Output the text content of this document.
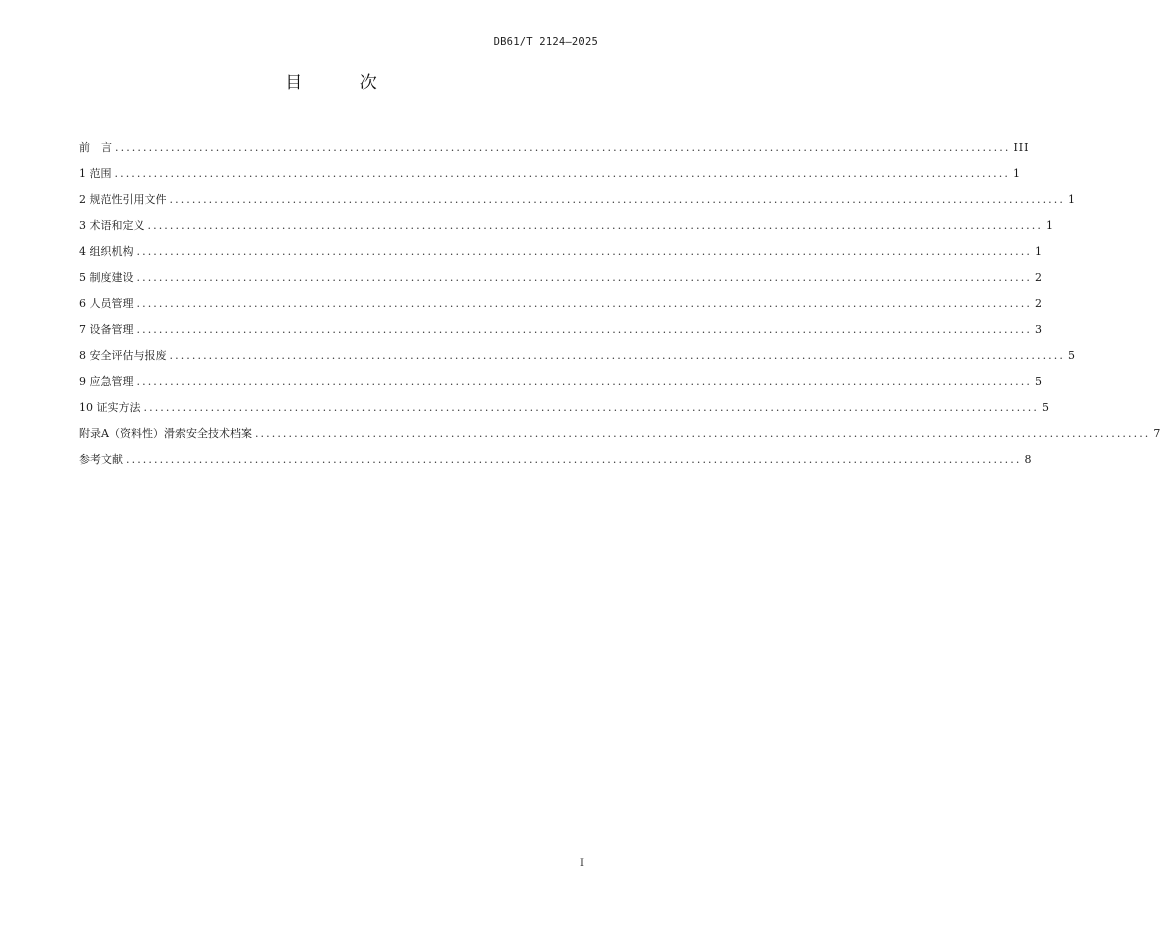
DB61/T 2124—2025
目 次
前　言 ................................................................................................................................................................ III
1 范围 ................................................................................................................................................................ 1
2 规范性引用文件 ................................................................................................................................................................ 1
3 术语和定义 ................................................................................................................................................................ 1
4 组织机构 ................................................................................................................................................................ 1
5 制度建设 ................................................................................................................................................................ 2
6 人员管理 ................................................................................................................................................................ 2
7 设备管理 ................................................................................................................................................................ 3
8 安全评估与报废 ................................................................................................................................................................ 5
9 应急管理 ................................................................................................................................................................ 5
10 证实方法 ................................................................................................................................................................ 5
附录A（资料性）滑索安全技术档案 ................................................................................................................................................................ 7
参考文献 ................................................................................................................................................................ 8
I
